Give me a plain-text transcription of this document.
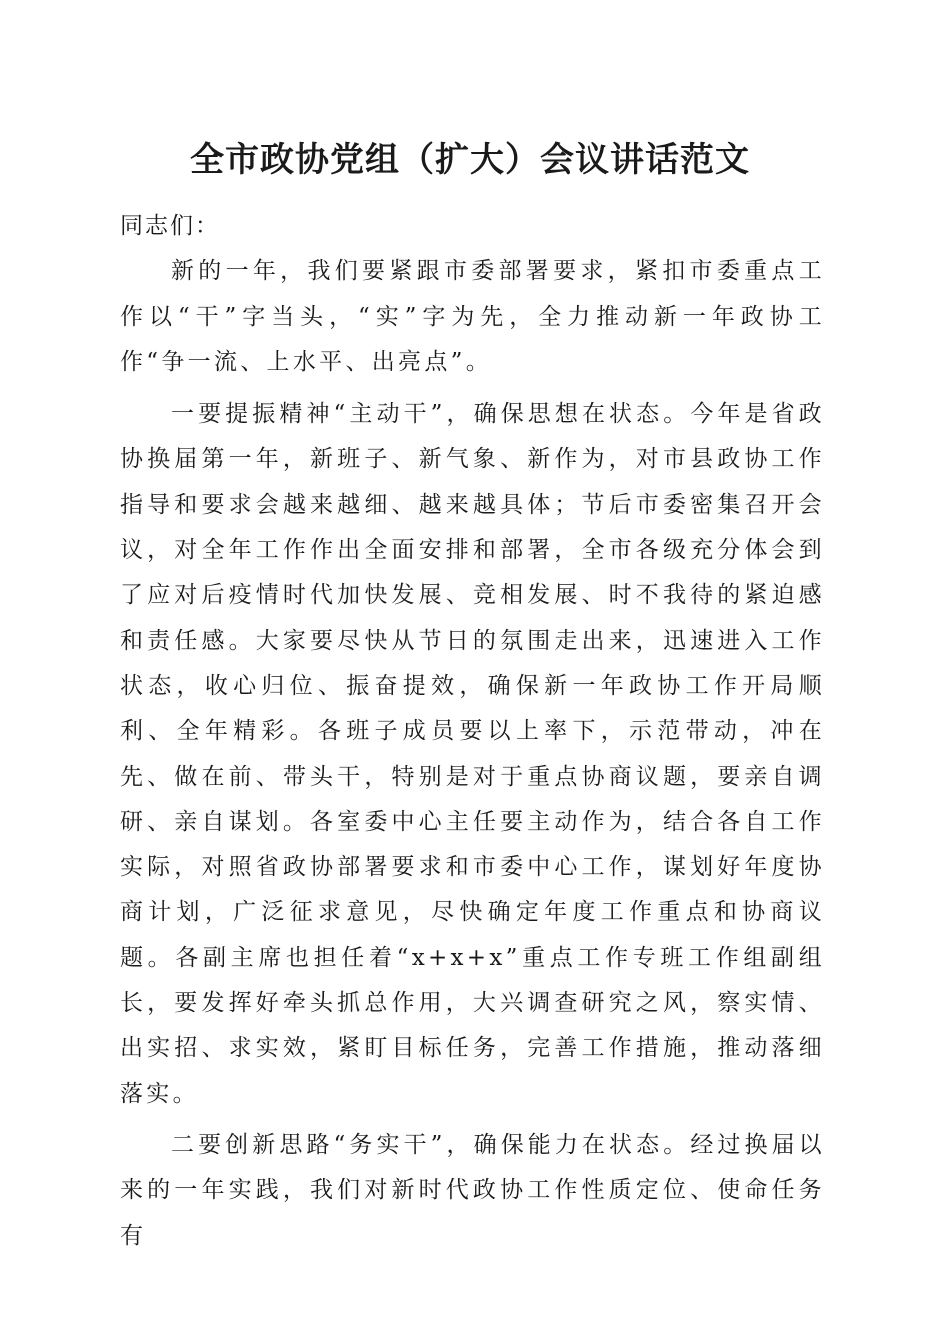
全市政协党组（扩大）会议讲话范文

同志们：

新的一年，我们要紧跟市委部署要求，紧扣市委重点工作以“干”字当头，“实”字为先，全力推动新一年政协工作“争一流、上水平、出亮点”。

一要提振精神“主动干”，确保思想在状态。今年是省政协换届第一年，新班子、新气象、新作为，对市县政协工作指导和要求会越来越细、越来越具体；节后市委密集召开会议，对全年工作作出全面安排和部署，全市各级充分体会到了应对后疫情时代加快发展、竞相发展、时不我待的紧迫感和责任感。大家要尽快从节日的氛围走出来，迅速进入工作状态，收心归位、振奋提效，确保新一年政协工作开局顺利、全年精彩。各班子成员要以上率下，示范带动，冲在先、做在前、带头干，特别是对于重点协商议题，要亲自调研、亲自谋划。各室委中心主任要主动作为，结合各自工作实际，对照省政协部署要求和市委中心工作，谋划好年度协商计划，广泛征求意见，尽快确定年度工作重点和协商议题。各副主席也担任着“x+x+x”重点工作专班工作组副组长，要发挥好牵头抓总作用，大兴调查研究之风，察实情、出实招、求实效，紧盯目标任务，完善工作措施，推动落细落实。

二要创新思路“务实干”，确保能力在状态。经过换届以来的一年实践，我们对新时代政协工作性质定位、使命任务有
